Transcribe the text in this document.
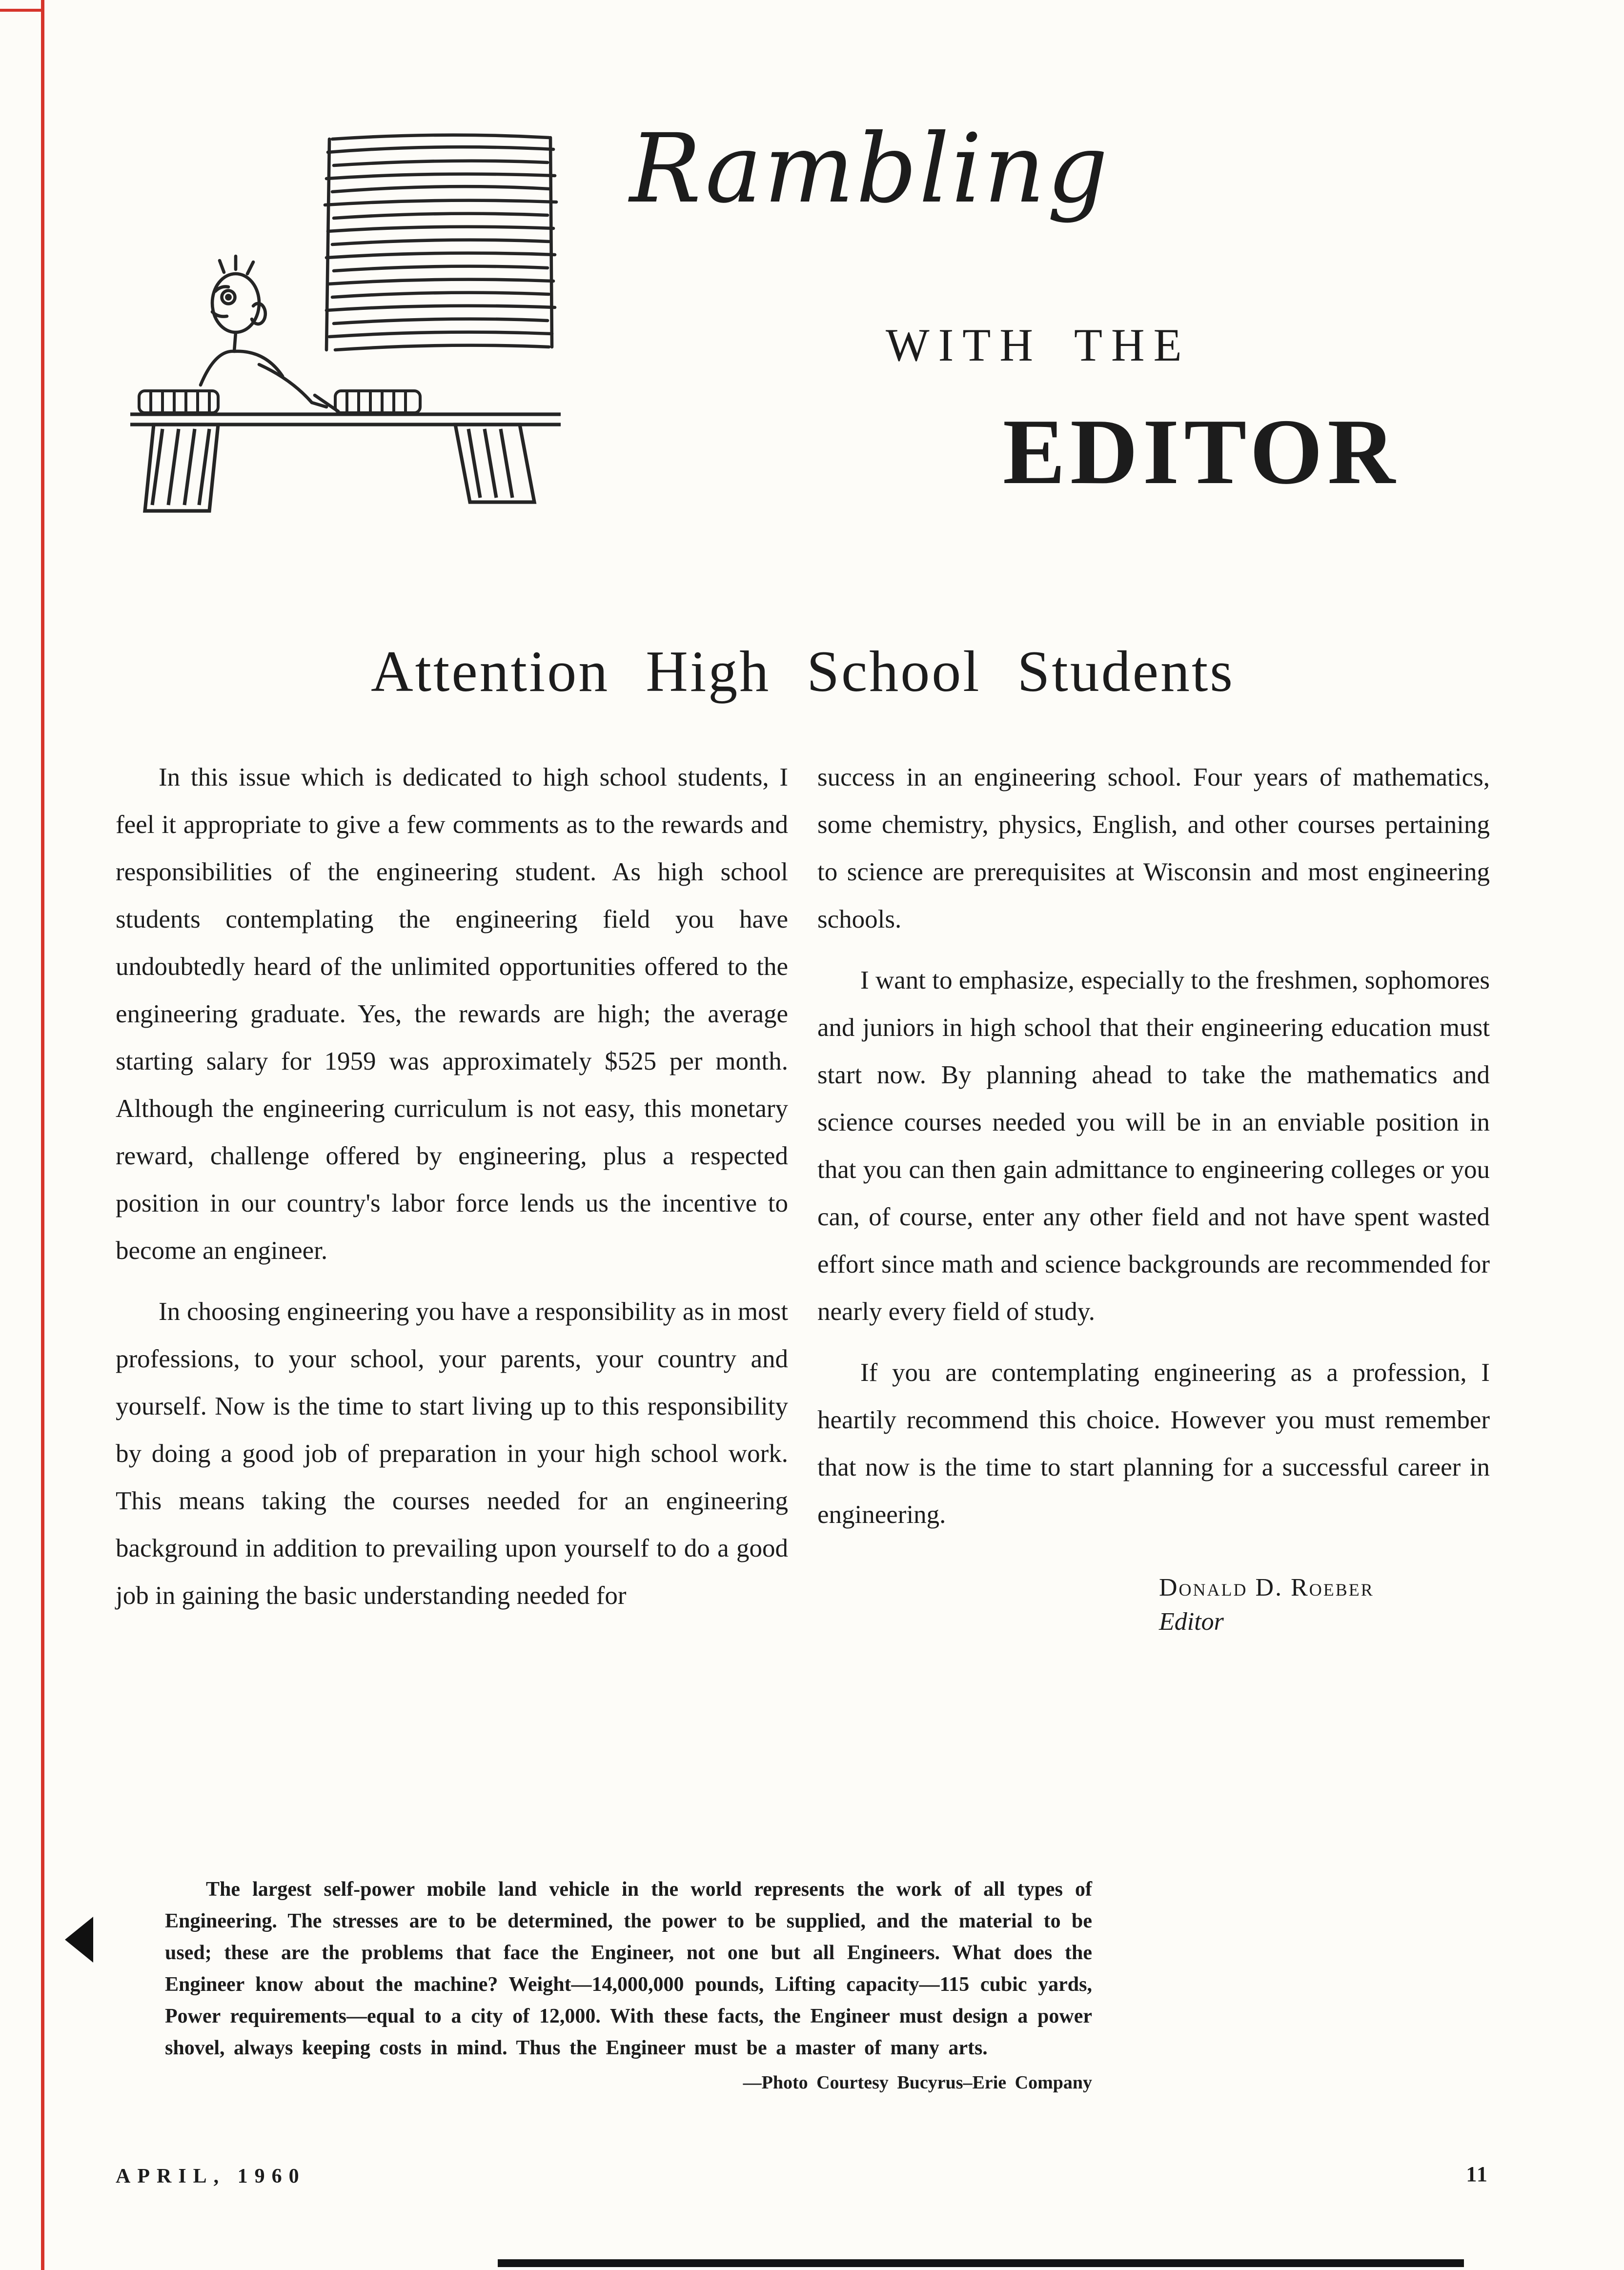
Rambling
WITH THE
EDITOR
Attention High School Students

In this issue which is dedicated to high school students, I feel it appropriate to give a few comments as to the rewards and responsibilities of the engineering student. As high school students contemplating the engineering field you have undoubtedly heard of the unlimited opportunities offered to the engineering graduate. Yes, the rewards are high; the average starting salary for 1959 was approximately $525 per month. Although the engineering curriculum is not easy, this monetary reward, challenge offered by engineering, plus a respected position in our country's labor force lends us the incentive to become an engineer.

In choosing engineering you have a responsibility as in most professions, to your school, your parents, your country and yourself. Now is the time to start living up to this responsibility by doing a good job of preparation in your high school work. This means taking the courses needed for an engineering background in addition to prevailing upon yourself to do a good job in gaining the basic understanding needed for

success in an engineering school. Four years of mathematics, some chemistry, physics, English, and other courses pertaining to science are prerequisites at Wisconsin and most engineering schools.

I want to emphasize, especially to the freshmen, sophomores and juniors in high school that their engineering education must start now. By planning ahead to take the mathematics and science courses needed you will be in an enviable position in that you can then gain admittance to engineering colleges or you can, of course, enter any other field and not have spent wasted effort since math and science backgrounds are recommended for nearly every field of study.

If you are contemplating engineering as a profession, I heartily recommend this choice. However you must remember that now is the time to start planning for a successful career in engineering.

Donald D. Roeber
Editor

The largest self-power mobile land vehicle in the world represents the work of all types of Engineering. The stresses are to be determined, the power to be supplied, and the material to be used; these are the problems that face the Engineer, not one but all Engineers. What does the Engineer know about the machine? Weight—14,000,000 pounds, Lifting capacity—115 cubic yards, Power requirements—equal to a city of 12,000. With these facts, the Engineer must design a power shovel, always keeping costs in mind. Thus the Engineer must be a master of many arts.

—Photo Courtesy Bucyrus–Erie Company
APRIL, 1960	11
